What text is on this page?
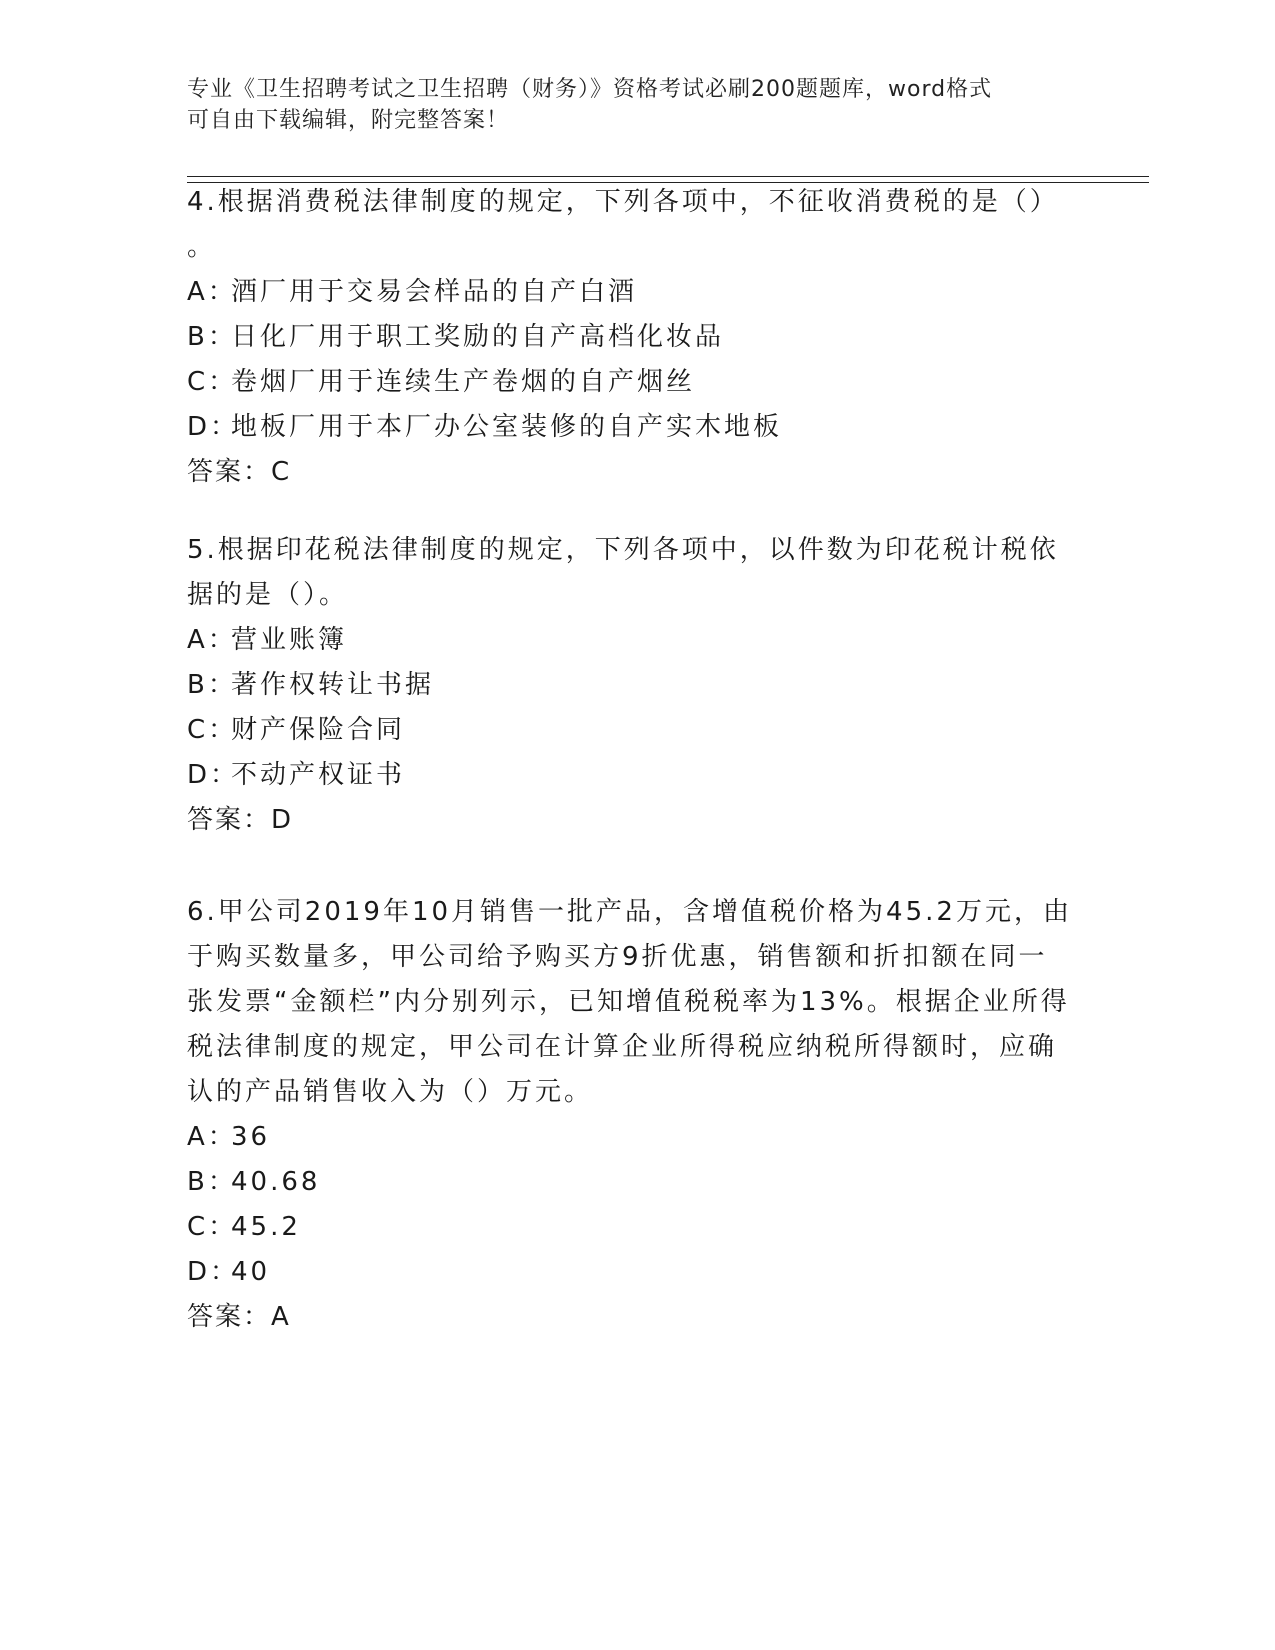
专业《卫生招聘考试之卫生招聘（财务）》资格考试必刷200题题库，word格式
可自由下载编辑，附完整答案！
4.根据消费税法律制度的规定，下列各项中，不征收消费税的是（）
。
A：
酒厂用于交易会样品的自产白酒
B：
日化厂用于职工奖励的自产高档化妆品
C：
卷烟厂用于连续生产卷烟的自产烟丝
D：
地板厂用于本厂办公室装修的自产实木地板
答案：C
5.根据印花税法律制度的规定，下列各项中，以件数为印花税计税依
据的是（）。
A：
营业账簿
B：
著作权转让书据
C：
财产保险合同
D：
不动产权证书
答案：D
6.甲公司2019年10月销售一批产品，含增值税价格为45.2万元，由
于购买数量多，甲公司给予购买方9折优惠，销售额和折扣额在同一
张发票“金额栏”内分别列示，已知增值税税率为13%。根据企业所得
税法律制度的规定，甲公司在计算企业所得税应纳税所得额时，应确
认的产品销售收入为（）万元。
A：
36
B：
40.68
C：
45.2
D：
40
答案：A
